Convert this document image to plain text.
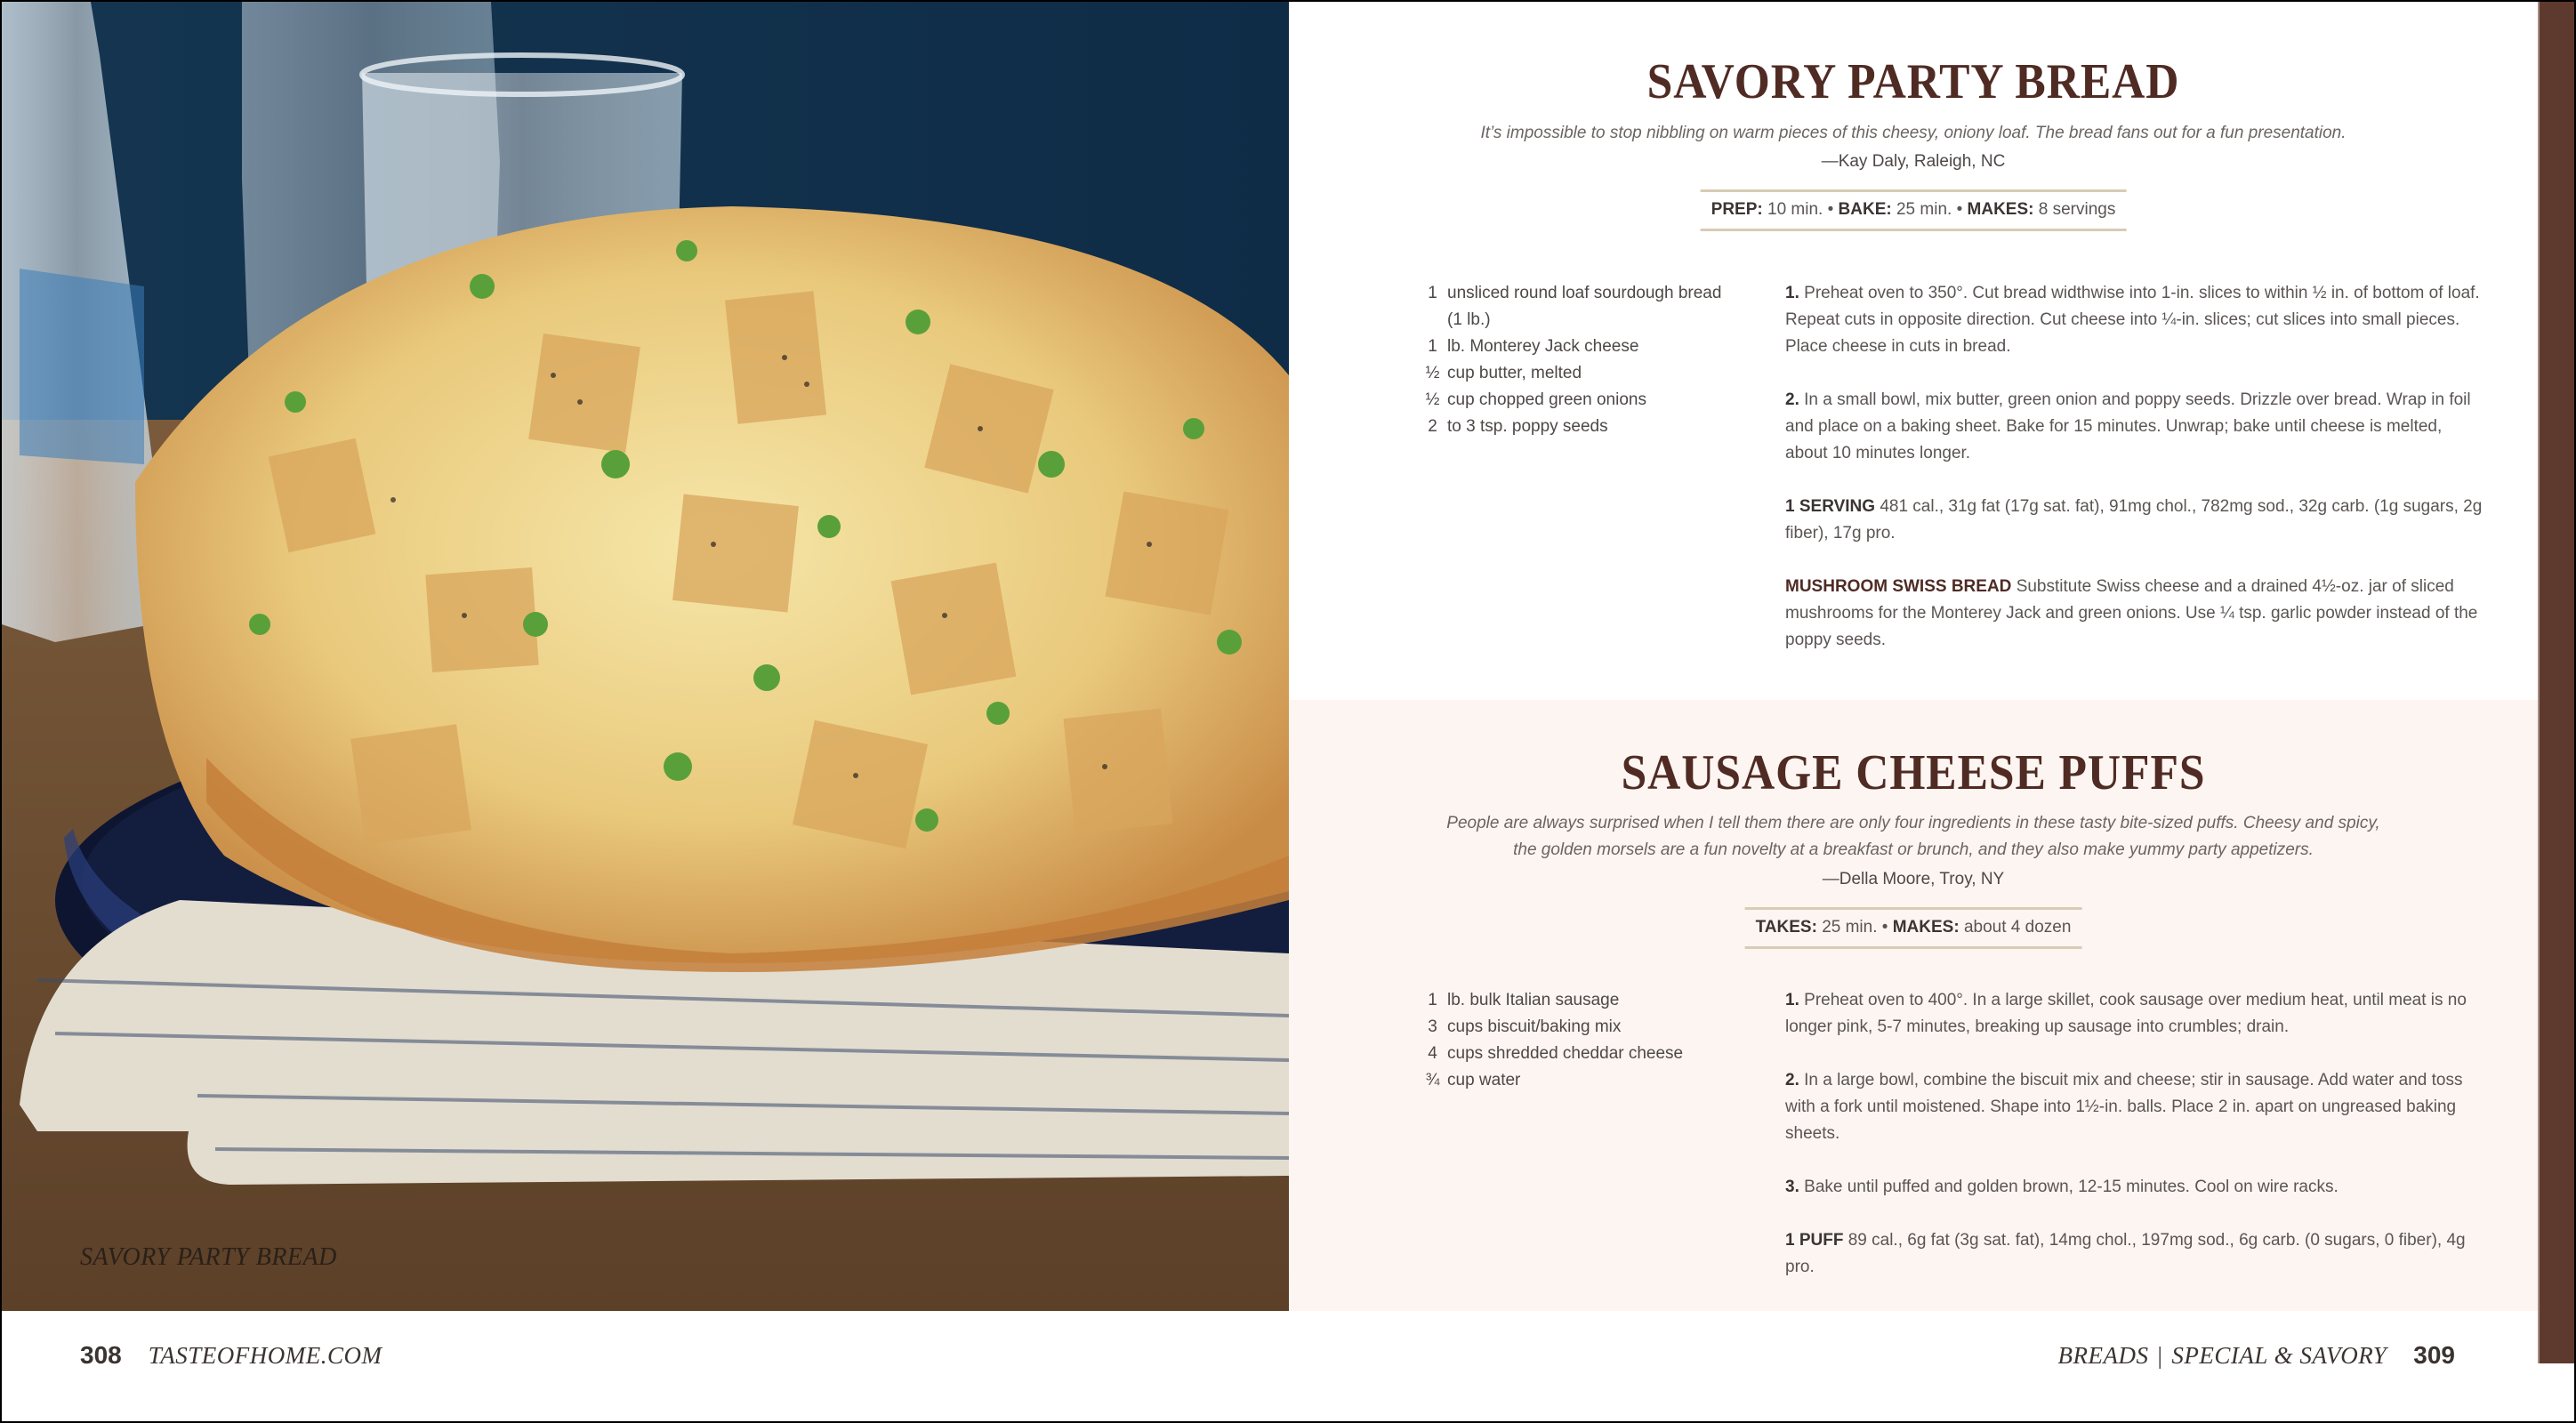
SAVORY PARTY BREAD
308 TASTEOFHOME.COM
SAVORY PARTY BREAD

It’s impossible to stop nibbling on warm pieces of this cheesy, oniony loaf. The bread fans out for a fun presentation.

—Kay Daly, Raleigh, NC

PREP: 10 min. • BAKE: 25 min. • MAKES: 8 servings
1 unsliced round loaf sourdough bread (1 lb.)
1 lb. Monterey Jack cheese
½ cup butter, melted
½ cup chopped green onions
2 to 3 tsp. poppy seeds

1. Preheat oven to 350°. Cut bread widthwise into 1-in. slices to within ½ in. of bottom of loaf. Repeat cuts in opposite direction. Cut cheese into ¼-in. slices; cut slices into small pieces. Place cheese in cuts in bread.

2. In a small bowl, mix butter, green onion and poppy seeds. Drizzle over bread. Wrap in foil and place on a baking sheet. Bake for 15 minutes. Unwrap; bake until cheese is melted, about 10 minutes longer.

1 SERVING 481 cal., 31g fat (17g sat. fat), 91mg chol., 782mg sod., 32g carb. (1g sugars, 2g fiber), 17g pro.

MUSHROOM SWISS BREAD Substitute Swiss cheese and a drained 4½-oz. jar of sliced mushrooms for the Monterey Jack and green onions. Use ¼ tsp. garlic powder instead of the poppy seeds.

SAUSAGE CHEESE PUFFS

People are always surprised when I tell them there are only four ingredients in these tasty bite-sized puffs. Cheesy and spicy,

the golden morsels are a fun novelty at a breakfast or brunch, and they also make yummy party appetizers.

—Della Moore, Troy, NY

TAKES: 25 min. • MAKES: about 4 dozen
1 lb. bulk Italian sausage
3 cups biscuit/baking mix
4 cups shredded cheddar cheese
¾ cup water

1. Preheat oven to 400°. In a large skillet, cook sausage over medium heat, until meat is no longer pink, 5-7 minutes, breaking up sausage into crumbles; drain.

2. In a large bowl, combine the biscuit mix and cheese; stir in sausage. Add water and toss with a fork until moistened. Shape into 1½-in. balls. Place 2 in. apart on ungreased baking sheets.

3. Bake until puffed and golden brown, 12-15 minutes. Cool on wire racks.

1 PUFF 89 cal., 6g fat (3g sat. fat), 14mg chol., 197mg sod., 6g carb. (0 sugars, 0 fiber), 4g pro.

BREADS | SPECIAL & SAVORY 309
